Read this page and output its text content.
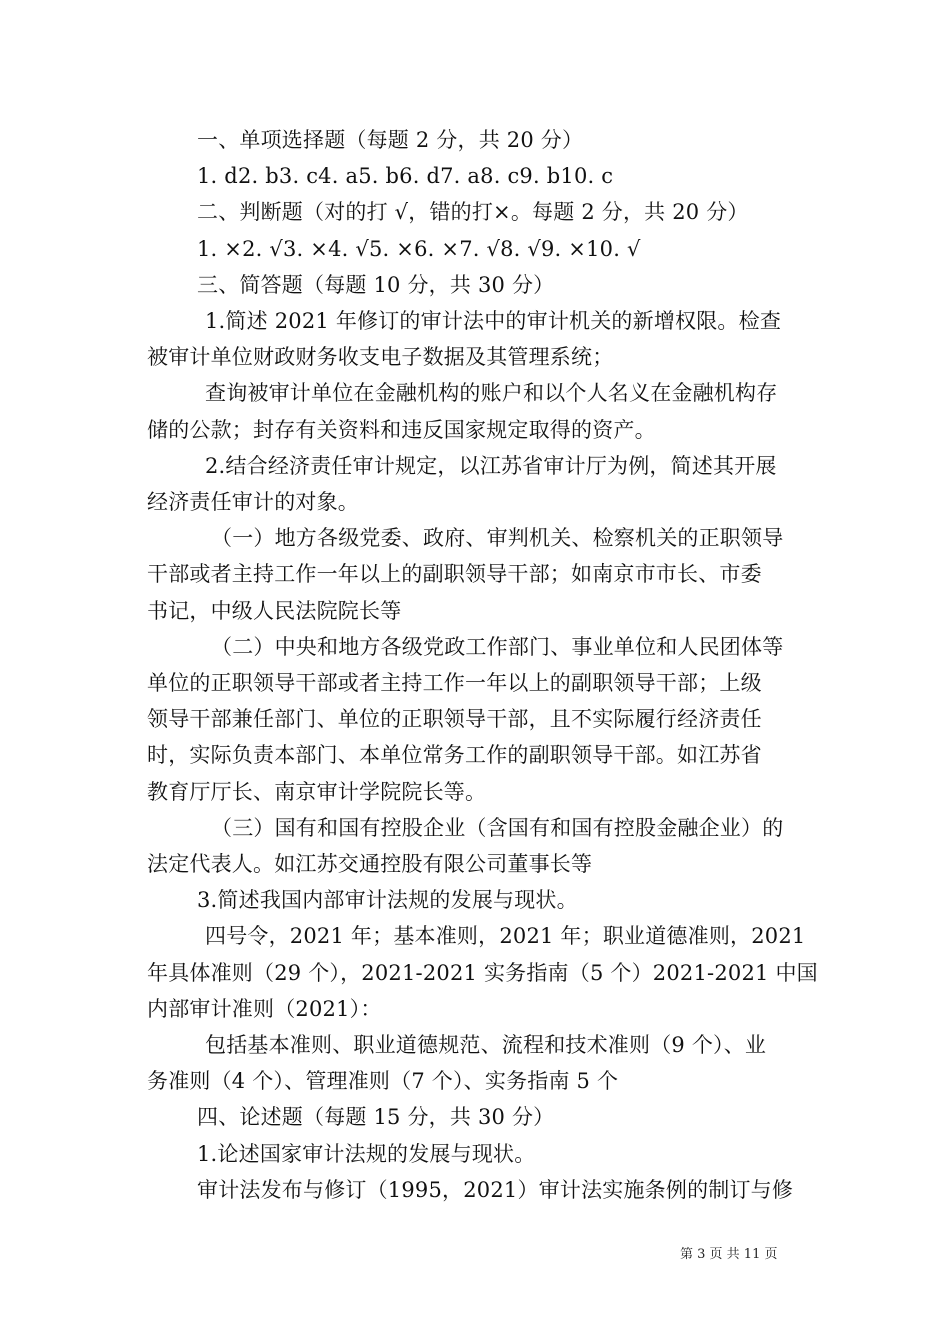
一、单项选择题（每题 2 分，共 20 分）
1. d2. b3. c4. a5. b6. d7. a8. c9. b10. c
二、判断题（对的打 √，错的打×。每题 2 分，共 20 分）
1. ×2. √3. ×4. √5. ×6. ×7. √8. √9. ×10. √
三、简答题（每题 10 分，共 30 分）
1.简述 2021 年修订的审计法中的审计机关的新增权限。检查
被审计单位财政财务收支电子数据及其管理系统；
查询被审计单位在金融机构的账户和以个人名义在金融机构存
储的公款；封存有关资料和违反国家规定取得的资产。
2.结合经济责任审计规定，以江苏省审计厅为例，简述其开展
经济责任审计的对象。
（一）地方各级党委、政府、审判机关、检察机关的正职领导
干部或者主持工作一年以上的副职领导干部；如南京市市长、市委
书记，中级人民法院院长等
（二）中央和地方各级党政工作部门、事业单位和人民团体等
单位的正职领导干部或者主持工作一年以上的副职领导干部；上级
领导干部兼任部门、单位的正职领导干部，且不实际履行经济责任
时，实际负责本部门、本单位常务工作的副职领导干部。如江苏省
教育厅厅长、南京审计学院院长等。
（三）国有和国有控股企业（含国有和国有控股金融企业）的
法定代表人。如江苏交通控股有限公司董事长等
3.简述我国内部审计法规的发展与现状。
四号令，2021 年；基本准则，2021 年；职业道德准则，2021
年具体准则（29 个），2021-2021 实务指南（5 个）2021-2021 中国
内部审计准则（2021）：
包括基本准则、职业道德规范、流程和技术准则（9 个）、业
务准则（4 个）、管理准则（7 个）、实务指南 5 个
四、论述题（每题 15 分，共 30 分）
1.论述国家审计法规的发展与现状。
审计法发布与修订（1995，2021）审计法实施条例的制订与修
第 3 页 共 11 页
